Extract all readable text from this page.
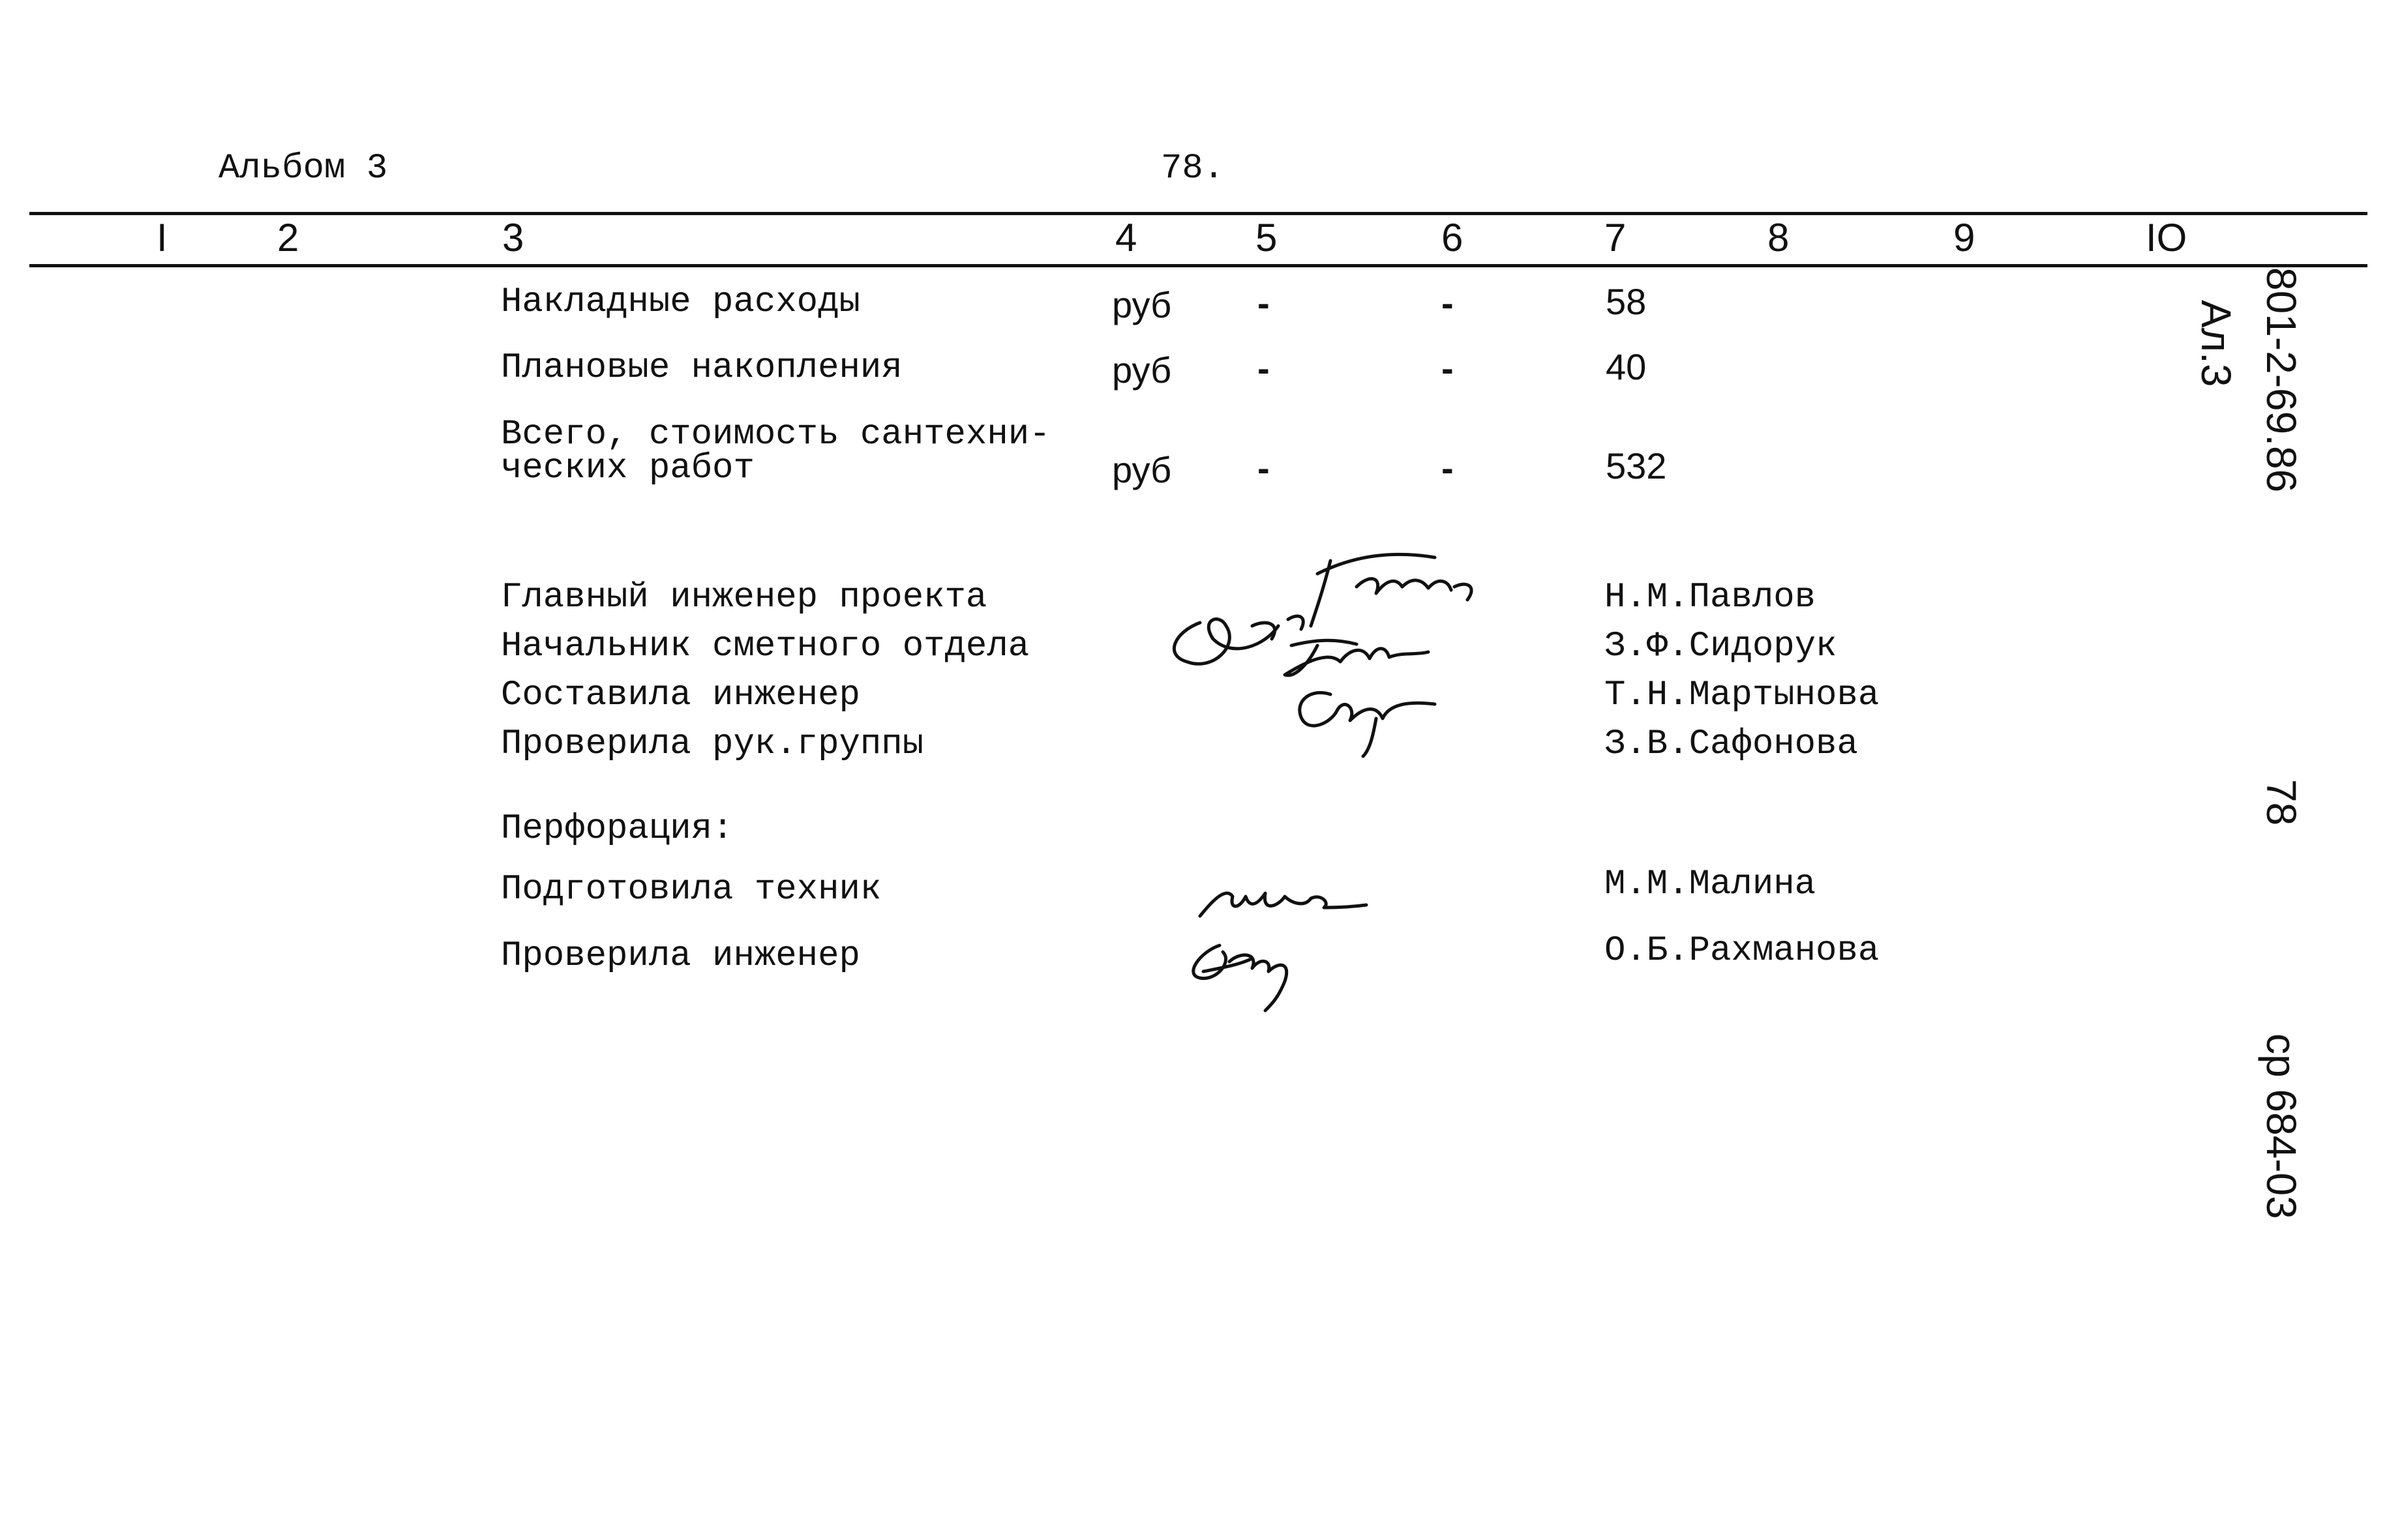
Альбом 3	78.
I	2	3	4	5	6	7	8	9	IO
Накладные расходы	руб -	-	58
Плановые накопления	руб -	-	40
Всего, стоимость сантехни-
ческих работ	руб -	-	532
Главный инженер проекта	Н.М.Павлов
Начальник сметного отдела	З.Ф.Сидорук
Составила инженер	Т.Н.Мартынова
Проверила рук.группы	З.В.Сафонова
Перфорация:
Подготовила техник	М.М.Малина
Проверила инженер	О.Б.Рахманова
801-2-69.86
Ал.3
78
ср 684-03
